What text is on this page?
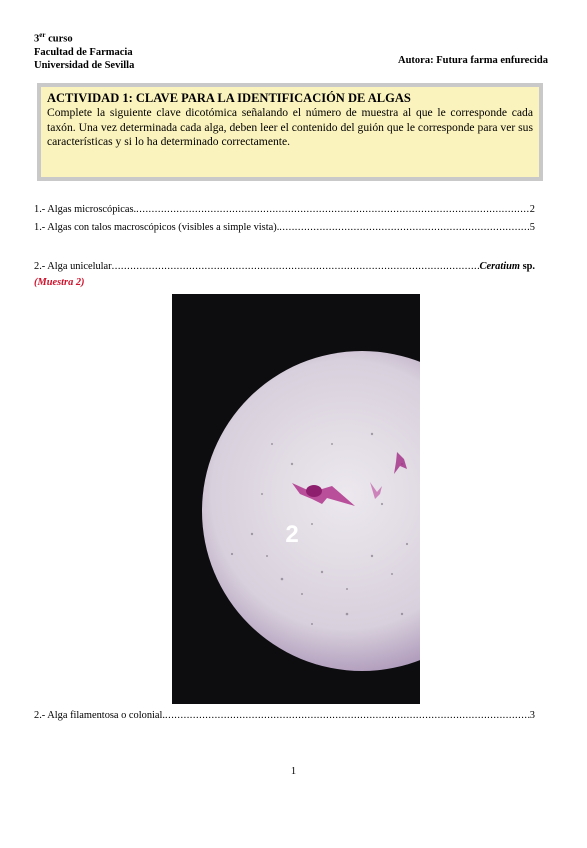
3er curso
Facultad de Farmacia
Universidad de Sevilla	Autora: Futura farma enfurecida
ACTIVIDAD 1: CLAVE PARA LA IDENTIFICACIÓN DE ALGAS
Complete la siguiente clave dicotómica señalando el número de muestra al que le corresponde cada taxón. Una vez determinada cada alga, deben leer el contenido del guión que le corresponde para ver sus características y si lo ha determinado correctamente.
1.- Algas microscópicas. .....	2
1.- Algas con talos macroscópicos (visibles a simple vista). .....	5
2.- Alga unicelular .....	Ceratium sp.
(Muestra 2)
2
2.- Alga filamentosa o colonial. .....	3
1
